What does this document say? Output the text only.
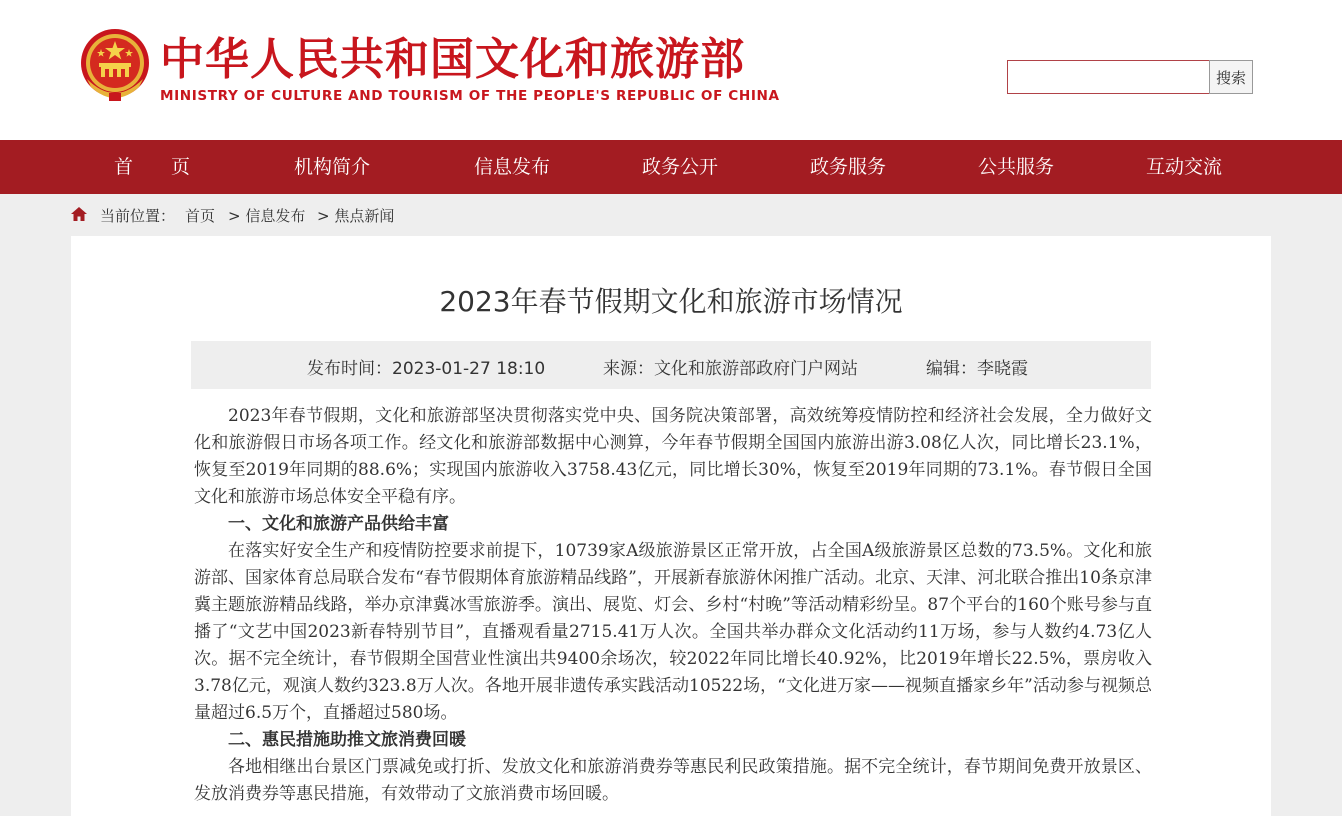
中华人民共和国文化和旅游部
MINISTRY OF CULTURE AND TOURISM OF THE PEOPLE'S REPUBLIC OF CHINA
搜索
首　　页	机构简介	信息发布	政务公开	政务服务	公共服务	互动交流
当前位置： 首页 > 信息发布 > 焦点新闻
2023年春节假期文化和旅游市场情况
发布时间：2023-01-27 18:10	来源：文化和旅游部政府门户网站	编辑：李晓霞

2023年春节假期，文化和旅游部坚决贯彻落实党中央、国务院决策部署，高效统筹疫情防控和经济社会发展，全力做好文化和旅游假日市场各项工作。经文化和旅游部数据中心测算，今年春节假期全国国内旅游出游3.08亿人次，同比增长23.1%，恢复至2019年同期的88.6%；实现国内旅游收入3758.43亿元，同比增长30%，恢复至2019年同期的73.1%。春节假日全国文化和旅游市场总体安全平稳有序。

一、文化和旅游产品供给丰富

在落实好安全生产和疫情防控要求前提下，10739家A级旅游景区正常开放，占全国A级旅游景区总数的73.5%。文化和旅游部、国家体育总局联合发布“春节假期体育旅游精品线路”，开展新春旅游休闲推广活动。北京、天津、河北联合推出10条京津冀主题旅游精品线路，举办京津冀冰雪旅游季。演出、展览、灯会、乡村“村晚”等活动精彩纷呈。87个平台的160个账号参与直播了“文艺中国2023新春特别节目”，直播观看量2715.41万人次。全国共举办群众文化活动约11万场，参与人数约4.73亿人次。据不完全统计，春节假期全国营业性演出共9400余场次，较2022年同比增长40.92%，比2019年增长22.5%，票房收入3.78亿元，观演人数约323.8万人次。各地开展非遗传承实践活动10522场，“文化进万家——视频直播家乡年”活动参与视频总量超过6.5万个，直播超过580场。

二、惠民措施助推文旅消费回暖

各地相继出台景区门票减免或打折、发放文化和旅游消费券等惠民利民政策措施。据不完全统计，春节期间免费开放景区、发放消费券等惠民措施，有效带动了文旅消费市场回暖。
